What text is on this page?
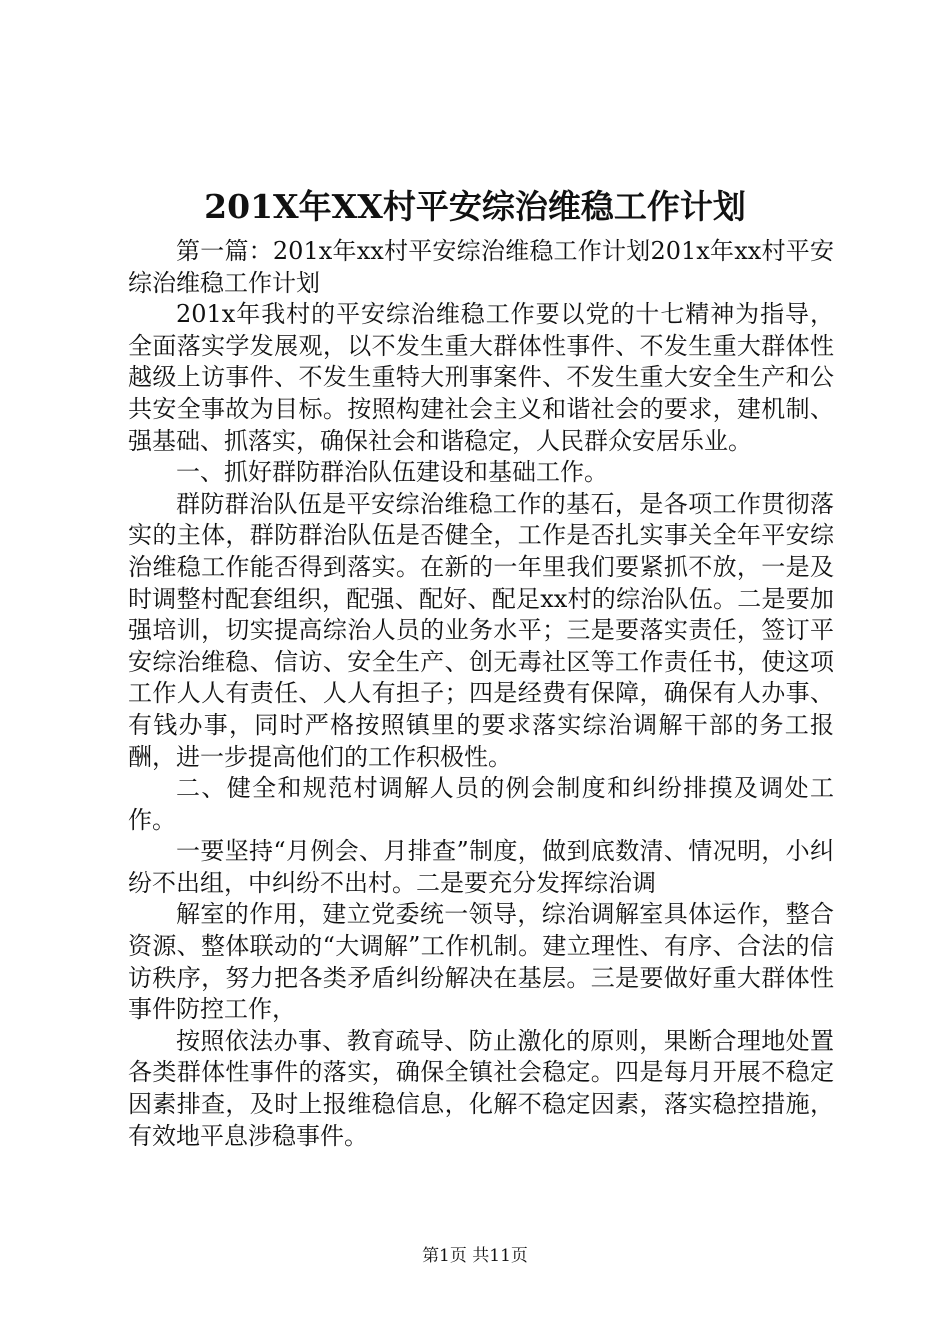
201X年XX村平安综治维稳工作计划

第一篇：201x年xx村平安综治维稳工作计划201x年xx村平安综治维稳工作计划

201x年我村的平安综治维稳工作要以党的十七精神为指导，全面落实学发展观，以不发生重大群体性事件、不发生重大群体性越级上访事件、不发生重特大刑事案件、不发生重大安全生产和公共安全事故为目标。按照构建社会主义和谐社会的要求，建机制、强基础、抓落实，确保社会和谐稳定，人民群众安居乐业。

一、抓好群防群治队伍建设和基础工作。

群防群治队伍是平安综治维稳工作的基石，是各项工作贯彻落实的主体，群防群治队伍是否健全，工作是否扎实事关全年平安综治维稳工作能否得到落实。在新的一年里我们要紧抓不放，一是及时调整村配套组织，配强、配好、配足xx村的综治队伍。二是要加强培训，切实提高综治人员的业务水平；三是要落实责任，签订平安综治维稳、信访、安全生产、创无毒社区等工作责任书，使这项工作人人有责任、人人有担子；四是经费有保障，确保有人办事、有钱办事，同时严格按照镇里的要求落实综治调解干部的务工报酬，进一步提高他们的工作积极性。

二、健全和规范村调解人员的例会制度和纠纷排摸及调处工作。

一要坚持“月例会、月排查”制度，做到底数清、情况明，小纠纷不出组，中纠纷不出村。二是要充分发挥综治调

解室的作用，建立党委统一领导，综治调解室具体运作，整合资源、整体联动的“大调解”工作机制。建立理性、有序、合法的信访秩序，努力把各类矛盾纠纷解决在基层。三是要做好重大群体性事件防控工作，

按照依法办事、教育疏导、防止激化的原则，果断合理地处置各类群体性事件的落实，确保全镇社会稳定。四是每月开展不稳定因素排查，及时上报维稳信息，化解不稳定因素，落实稳控措施，有效地平息涉稳事件。

第1页 共11页
